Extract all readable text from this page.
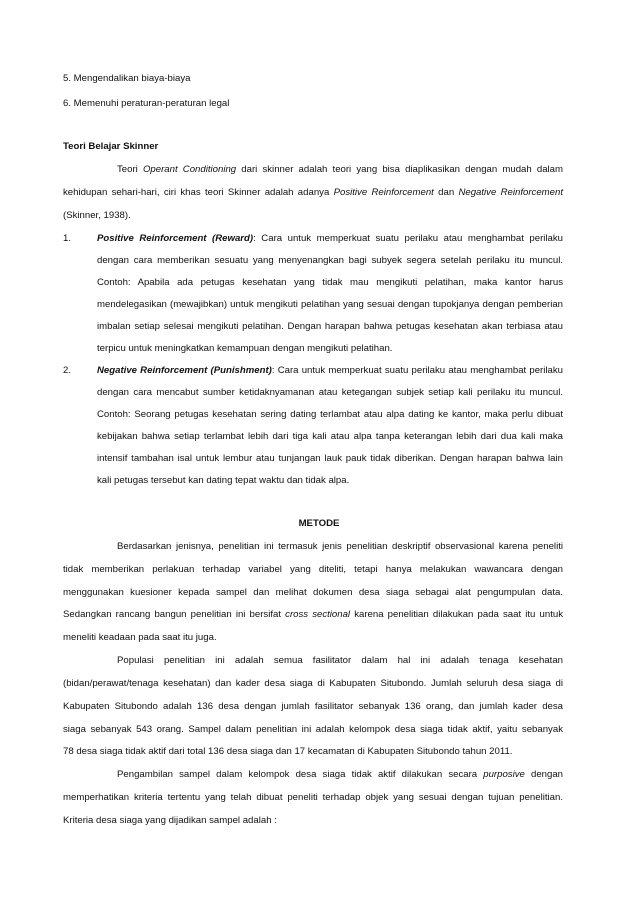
5. Mengendalikan biaya-biaya
6. Memenuhi peraturan-peraturan legal
Teori Belajar Skinner
Teori Operant Conditioning dari skinner adalah teori yang bisa diaplikasikan dengan mudah dalam
kehidupan sehari-hari, ciri khas teori Skinner adalah adanya Positive Reinforcement dan Negative Reinforcement
(Skinner, 1938).
1.	Positive Reinforcement (Reward): Cara untuk memperkuat suatu perilaku atau menghambat perilaku
dengan cara memberikan sesuatu yang menyenangkan bagi subyek segera setelah perilaku itu muncul.
Contoh: Apabila ada petugas kesehatan yang tidak mau mengikuti pelatihan, maka kantor harus
mendelegasikan (mewajibkan) untuk mengikuti pelatihan yang sesuai dengan tupokjanya dengan pemberian
imbalan setiap selesai mengikuti pelatihan. Dengan harapan bahwa petugas kesehatan akan terbiasa atau
terpicu untuk meningkatkan kemampuan dengan mengikuti pelatihan.
2.	Negative Reinforcement (Punishment): Cara untuk memperkuat suatu perilaku atau menghambat perilaku
dengan cara mencabut sumber ketidaknyamanan atau ketegangan subjek setiap kali perilaku itu muncul.
Contoh: Seorang petugas kesehatan sering dating terlambat atau alpa dating ke kantor, maka perlu dibuat
kebijakan bahwa setiap terlambat lebih dari tiga kali atau alpa tanpa keterangan lebih dari dua kali maka
intensif tambahan isal untuk lembur atau tunjangan lauk pauk tidak diberikan. Dengan harapan bahwa lain
kali petugas tersebut kan dating tepat waktu dan tidak alpa.
METODE
Berdasarkan jenisnya, penelitian ini termasuk jenis penelitian deskriptif observasional karena peneliti
tidak memberikan perlakuan terhadap variabel yang diteliti, tetapi hanya melakukan wawancara dengan
menggunakan kuesioner kepada sampel dan melihat dokumen desa siaga sebagai alat pengumpulan data.
Sedangkan rancang bangun penelitian ini bersifat cross sectional karena penelitian dilakukan pada saat itu untuk
meneliti keadaan pada saat itu juga.
Populasi penelitian ini adalah semua fasilitator dalam hal ini adalah tenaga kesehatan
(bidan/perawat/tenaga kesehatan) dan kader desa siaga di Kabupaten Situbondo. Jumlah seluruh desa siaga di
Kabupaten Situbondo adalah 136 desa dengan jumlah fasilitator sebanyak 136 orang, dan jumlah kader desa
siaga sebanyak 543 orang. Sampel dalam penelitian ini adalah kelompok desa siaga tidak aktif, yaitu sebanyak
78 desa siaga tidak aktif dari total 136 desa siaga dan 17 kecamatan di Kabupaten Situbondo tahun 2011.
Pengambilan sampel dalam kelompok desa siaga tidak aktif dilakukan secara purposive dengan
memperhatikan kriteria tertentu yang telah dibuat peneliti terhadap objek yang sesuai dengan tujuan penelitian.
Kriteria desa siaga yang dijadikan sampel adalah :
